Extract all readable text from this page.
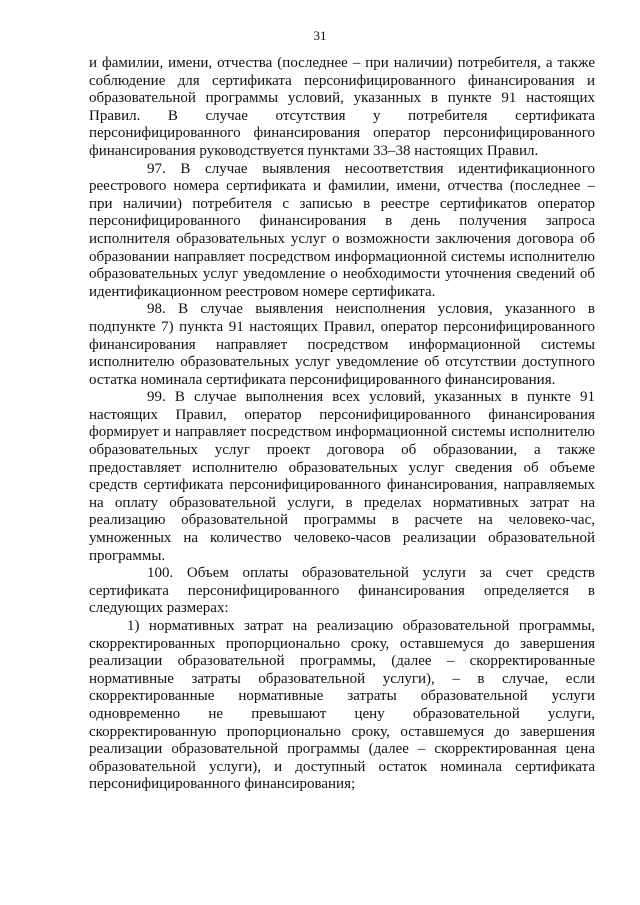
31

и фамилии, имени, отчества (последнее – при наличии) потребителя, а также соблюдение для сертификата персонифицированного финансирования и образовательной программы условий, указанных в пункте 91 настоящих Правил. В случае отсутствия у потребителя сертификата персонифицированного финансирования оператор персонифицированного финансирования руководствуется пунктами 33–38 настоящих Правил.

97. В случае выявления несоответствия идентификационного реестрового номера сертификата и фамилии, имени, отчества (последнее – при наличии) потребителя с записью в реестре сертификатов оператор персонифицированного финансирования в день получения запроса исполнителя образовательных услуг о возможности заключения договора об образовании направляет посредством информационной системы исполнителю образовательных услуг уведомление о необходимости уточнения сведений об идентификационном реестровом номере сертификата.

98. В случае выявления неисполнения условия, указанного в подпункте 7) пункта 91 настоящих Правил, оператор персонифицированного финансирования направляет посредством информационной системы исполнителю образовательных услуг уведомление об отсутствии доступного остатка номинала сертификата персонифицированного финансирования.

99. В случае выполнения всех условий, указанных в пункте 91 настоящих Правил, оператор персонифицированного финансирования формирует и направляет посредством информационной системы исполнителю образовательных услуг проект договора об образовании, а также предоставляет исполнителю образовательных услуг сведения об объеме средств сертификата персонифицированного финансирования, направляемых на оплату образовательной услуги, в пределах нормативных затрат на реализацию образовательной программы в расчете на человеко-час, умноженных на количество человеко-часов реализации образовательной программы.

100. Объем оплаты образовательной услуги за счет средств сертификата персонифицированного финансирования определяется в следующих размерах:

1) нормативных затрат на реализацию образовательной программы, скорректированных пропорционально сроку, оставшемуся до завершения реализации образовательной программы, (далее – скорректированные нормативные затраты образовательной услуги), – в случае, если скорректированные нормативные затраты образовательной услуги одновременно не превышают цену образовательной услуги, скорректированную пропорционально сроку, оставшемуся до завершения реализации образовательной программы (далее – скорректированная цена образовательной услуги), и доступный остаток номинала сертификата персонифицированного финансирования;
